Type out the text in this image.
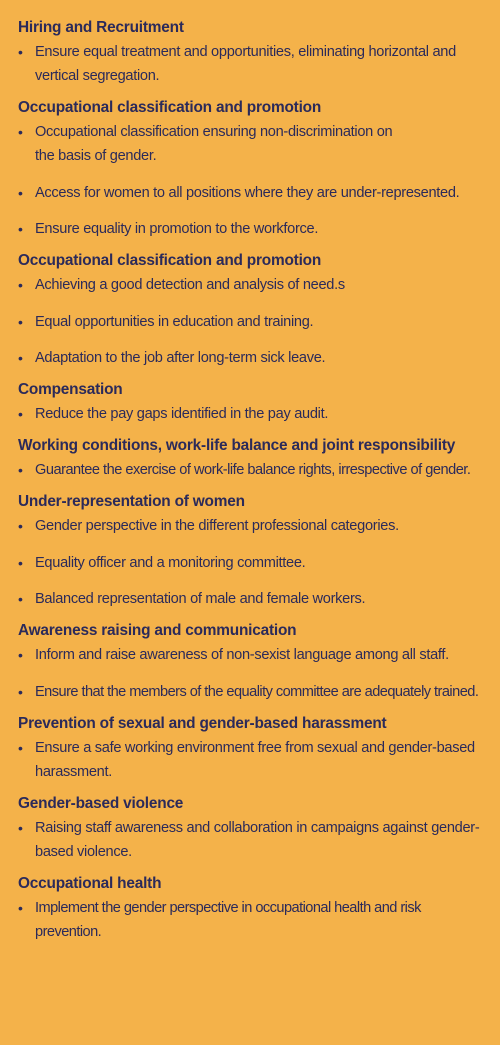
Hiring and Recruitment
• Ensure equal treatment and opportunities, eliminating horizontal and vertical segregation.
Occupational classification and promotion
• Occupational classification ensuring non-discrimination on the basis of gender.
• Access for women to all positions where they are under-represented.
• Ensure equality in promotion to the workforce.
Occupational classification and promotion
• Achieving a good detection and analysis of need.s
• Equal opportunities in education and training.
• Adaptation to the job after long-term sick leave.
Compensation
• Reduce the pay gaps identified in the pay audit.
Working conditions, work-life balance and joint responsibility
• Guarantee the exercise of work-life balance rights, irrespective of gender.
Under-representation of women
• Gender perspective in the different professional categories.
• Equality officer and a monitoring committee.
• Balanced representation of male and female workers.
Awareness raising and communication
• Inform and raise awareness of non-sexist language among all staff.
• Ensure that the members of the equality committee are adequately trained.
Prevention of sexual and gender-based harassment
• Ensure a safe working environment free from sexual and gender-based harassment.
Gender-based violence
• Raising staff awareness and collaboration in campaigns against gender-based violence.
Occupational health
• Implement the gender perspective in occupational health and risk prevention.
